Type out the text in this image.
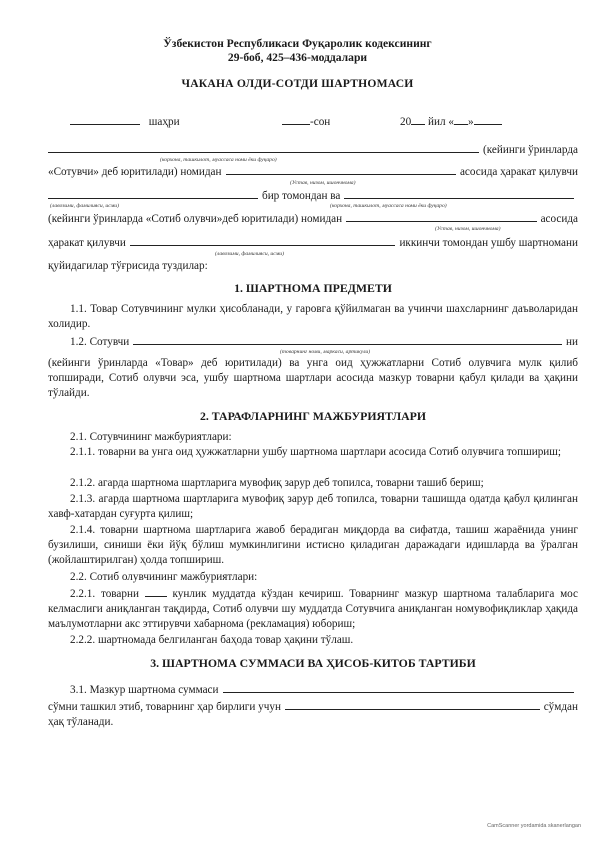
Ўзбекистон Республикаси Фуқаролик кодексининг
29-боб, 425–436-моддалари
ЧАКАНА ОЛДИ-СОТДИ ШАРТНОМАСИ
шаҳри	-сон	20 йил « »
(кейинги ўринларда
(корхона, ташкилот, муассаса номи ёки фуқаро)
«Сотувчи» деб юритилади) номидан	асосида ҳаракат қилувчи
(Устав, низом, ишончнома)
бир томондан ва
(лавозими, фамилияси, исми)	(корхона, ташкилот, муассаса номи ёки фуқаро)
(кейинги ўринларда «Сотиб олувчи»деб юритилади) номидан	асосида
(Устав, низом, ишончнома)
ҳаракат қилувчи	иккинчи томондан ушбу шартномани
(лавозими, фамилияси, исми)
қуйидагилар тўғрисида туздилар:
1. ШАРТНОМА ПРЕДМЕТИ
1.1. Товар Сотувчининг мулки ҳисобланади, у гаровга қўйилмаган ва учинчи шахсларнинг даъволаридан холидир.
1.2. Сотувчи	ни
(товарнинг номи, маркаси, артикули)
(кейинги ўринларда «Товар» деб юритилади) ва унга оид ҳужжатларни Сотиб олувчига мулк қилиб топширади, Сотиб олувчи эса, ушбу шартнома шартлари асосида мазкур товарни қабул қилади ва ҳақини тўлайди.
2. ТАРАФЛАРНИНГ МАЖБУРИЯТЛАРИ
2.1. Сотувчининг мажбуриятлари:
2.1.1. товарни ва унга оид ҳужжатларни ушбу шартнома шартлари асосида Сотиб олувчига топшириш;
2.1.2. агарда шартнома шартларига мувофиқ зарур деб топилса, товарни ташиб бериш;
2.1.3. агарда шартнома шартларига мувофиқ зарур деб топилса, товарни ташишда одатда қабул қилинган хавф-хатардан суғурта қилиш;
2.1.4. товарни шартнома шартларига жавоб берадиган миқдорда ва сифатда, ташиш жараёнида унинг бузилиши, синиши ёки йўқ бўлиш мумкинлигини истисно қиладиган даражадаги идишларда ва ўралган (жойлаштирилган) ҳолда топшириш.
2.2. Сотиб олувчининг мажбуриятлари:
2.2.1. товарни	кунлик муддатда кўздан кечириш. Товарнинг мазкур шартнома талабларига мос келмаслиги аниқланган тақдирда, Сотиб олувчи шу муддатда Сотувчига аниқланган номувофиқликлар ҳақида маълумотларни акс эттирувчи хабарнома (рекламация) юбориш;
2.2.2. шартномада белгиланган баҳода товар ҳақини тўлаш.
3. ШАРТНОМА СУММАСИ ВА ҲИСОБ-КИТОБ ТАРТИБИ
3.1. Мазкур шартнома суммаси
сўмни ташкил этиб, товарнинг ҳар бирлиги учун	сўмдан
ҳақ тўланади.
CamScanner yordamida skanerlangan
